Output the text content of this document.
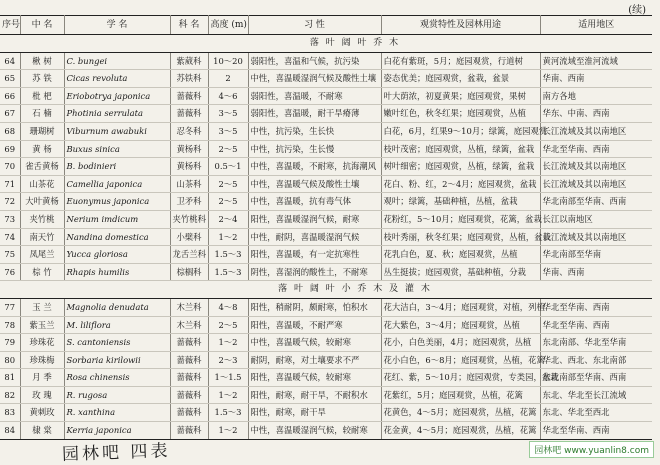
(续)
序号	中 名	学 名	科 名	高度 (m)	习 性	观赏特性及园林用途	适用地区
			落 叶 阔 叶 乔 木				
64	楸 树	C. bungei	紫葳科	10～20	弱阳性，喜温和气候，抗污染	白花有紫斑，5月；庭园观赏，行道树	黄河流域至淮河流域
65	苏 铁	Cicas revoluta	苏铁科	2	中性，喜温暖湿润气候及酸性土壤	姿态优美；庭园观赏，盆栽，盆景	华南、西南
66	枇 杷	Eriobotrya japonica	蔷薇科	4～6	弱阳性，喜温暖，不耐寒	叶大荫浓，初夏黄果；庭园观赏，果树	南方各地
67	石 楠	Photinia serrulata	蔷薇科	3～5	弱阳性，喜温暖，耐干旱瘠薄	嫩叶红色，秋冬红果；庭园观赏，丛植	华东、中南、西南
68	珊瑚树	Viburnum awabuki	忍冬科	3～5	中性，抗污染，生长快	白花，6月，红果9～10月；绿篱，庭园观赏	长江流域及其以南地区
69	黄 杨	Buxus sinica	黄杨科	2～5	中性，抗污染，生长慢	枝叶茂密；庭园观赏，丛植，绿篱，盆栽	华北至华南、西南
70	雀舌黄杨	B. bodinieri	黄杨科	0.5～1	中性，喜温暖，不耐寒，抗海潮风	树叶细密；庭园观赏，丛植，绿篱，盆栽	长江流域及其以南地区
71	山茶花	Camellia japonica	山茶科	2～5	中性，喜温暖气候及酸性土壤	花白、粉、红，2～4月；庭园观赏，盆栽	长江流域及其以南地区
72	大叶黄杨	Euonymus japonica	卫矛科	2～5	中性，喜温暖，抗有毒气体	观叶；绿篱，基础种植，丛植，盆栽	华北南部至华南、西南
73	夹竹桃	Nerium imdicum	夹竹桃科	2～4	阳性，喜温暖湿润气候，耐寒	花粉红，5～10月；庭园观赏，花篱，盆栽	长江以南地区
74	南天竹	Nandina domestica	小檗科	1～2	中性，耐阴，喜温暖湿润气候	枝叶秀丽，秋冬红果；庭园观赏，丛植，盆栽	长江流域及其以南地区
75	凤尾兰	Yucca gloriosa	龙舌兰科	1.5～3	阳性，喜温暖，有一定抗寒性	花乳白色，夏、秋；庭园观赏，丛植	华北南部至华南
76	棕 竹	Rhapis humilis	棕榈科	1.5～3	阴性，喜湿润的酸性土，不耐寒	丛生挺拔；庭园观赏，基础种植，分栽	华南、西南
			落 叶 阔 叶 小 乔 木 及 灌 木				
77	玉 兰	Magnolia denudata	木兰科	4～8	阳性，稍耐阴，颇耐寒，怕积水	花大洁白，3～4月；庭园观赏，对植，列植	华北至华南、西南
78	紫玉兰	M. liliflora	木兰科	2～5	阳性，喜温暖，不耐严寒	花大紫色，3～4月；庭园观赏，丛植	华北至华南、西南
79	珍珠花	S. cantoniensis	蔷薇科	1～2	中性，喜温暖气候，较耐寒	花小，白色美丽，4月；庭园观赏，丛植	东北南部、华北至华南
80	珍珠梅	Sorbaria kirilowii	蔷薇科	2～3	耐阴，耐寒，对土壤要求不严	花小白色，6～8月；庭园观赏，丛植，花篱	华北、西北、东北南部
81	月 季	Rosa chinensis	蔷薇科	1～1.5	阳性，喜温暖气候，较耐寒	花红、紫，5～10月；庭园观赏，专类园，盆栽	东北南部至华南、西南
82	玫 瑰	R. rugosa	蔷薇科	1～2	阳性，耐寒，耐干旱，不耐积水	花紫红，5月；庭园观赏，丛植，花篱	东北、华北至长江流域
83	黄刺玫	R. xanthina	蔷薇科	1.5～3	阳性，耐寒，耐干旱	花黄色，4～5月；庭园观赏，丛植，花篱	东北、华北至西北
84	棣 棠	Kerria japonica	蔷薇科	1～2	中性，喜温暖湿润气候，较耐寒	花金黄，4～5月；庭园观赏，丛植，花篱	华北至华南、西南
园林吧 四表	园林吧 www.yuanlin8.com
